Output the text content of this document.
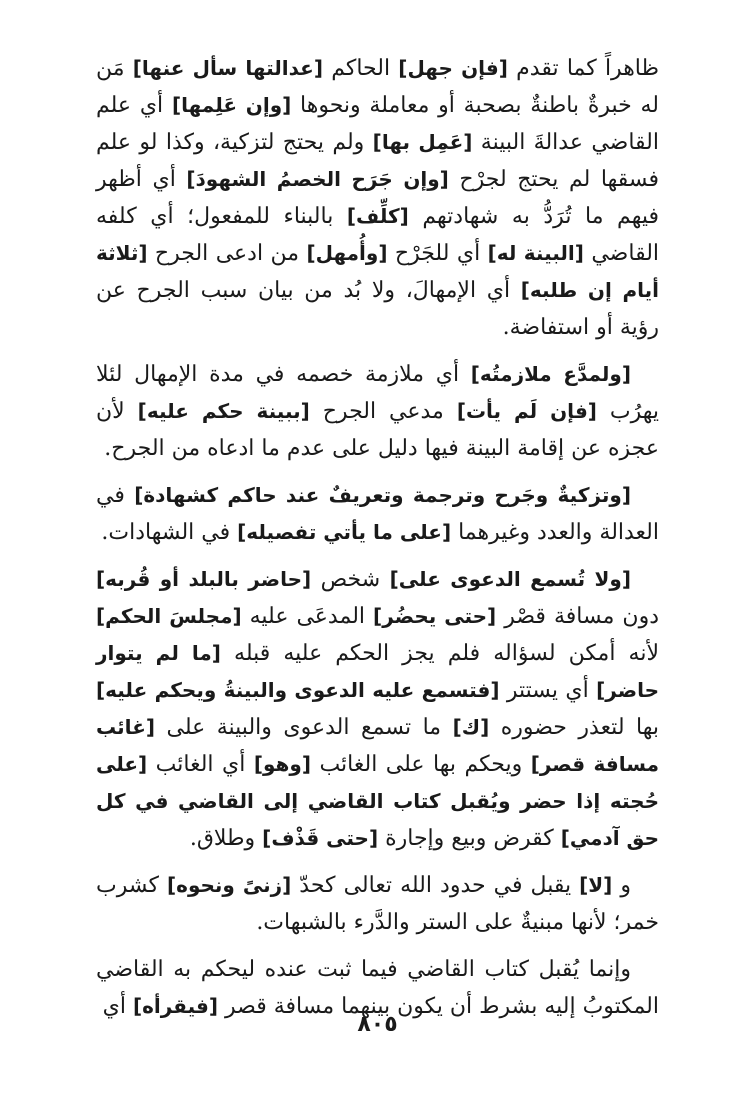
ظاهراً كما تقدم [فإن جهل] الحاكم [عدالتها سأل عنها] مَن له خبرةٌ باطنةٌ بصحبة أو معاملة ونحوها [وإن عَلِمها] أي علم القاضي عدالةَ البينة [عَمِل بها] ولم يحتج لتزكية، وكذا لو علم فسقها لم يحتج لجرْح [وإن جَرَح الخصمُ الشهودَ] أي أظهر فيهم ما تُرَدُّ به شهادتهم [كلِّف] بالبناء للمفعول؛ أي كلفه القاضي [البينة له] أي للجَرْح [وأُمهل] من ادعى الجرح [ثلاثة أيام إن طلبه] أي الإمهالَ، ولا بُد من بيان سبب الجرح عن رؤية أو استفاضة.

[ولمدَّع ملازمتُه] أي ملازمة خصمه في مدة الإمهال لئلا يهرُب [فإن لَم يأت] مدعي الجرح [ببينة حكم عليه] لأن عجزه عن إقامة البينة فيها دليل على عدم ما ادعاه من الجرح.

[وتزكيةٌ وجَرح وترجمة وتعريفٌ عند حاكم كشهادة] في العدالة والعدد وغيرهما [على ما يأتي تفصيله] في الشهادات.

[ولا تُسمع الدعوى على] شخص [حاضر بالبلد أو قُربه] دون مسافة قصْر [حتى يحضُر] المدعَى عليه [مجلسَ الحكم] لأنه أمكن لسؤاله فلم يجز الحكم عليه قبله [ما لم يتوار حاضر] أي يستتر [فتسمع عليه الدعوى والبينةُ ويحكم عليه] بها لتعذر حضوره [ك] ما تسمع الدعوى والبينة على [غائب مسافة قصر] ويحكم بها على الغائب [وهو] أي الغائب [على حُجته إذا حضر ويُقبل كتاب القاضي إلى القاضي في كل حق آدمي] كقرض وبيع وإجارة [حتى قَذْف] وطلاق.

و [لا] يقبل في حدود الله تعالى كحدّ [زنىً ونحوه] كشرب خمر؛ لأنها مبنيةٌ على الستر والدَّرء بالشبهات.

وإنما يُقبل كتاب القاضي فيما ثبت عنده ليحكم به القاضي المكتوبُ إليه بشرط أن يكون بينهما مسافة قصر [فيقرأه] أي

٨٠٥
